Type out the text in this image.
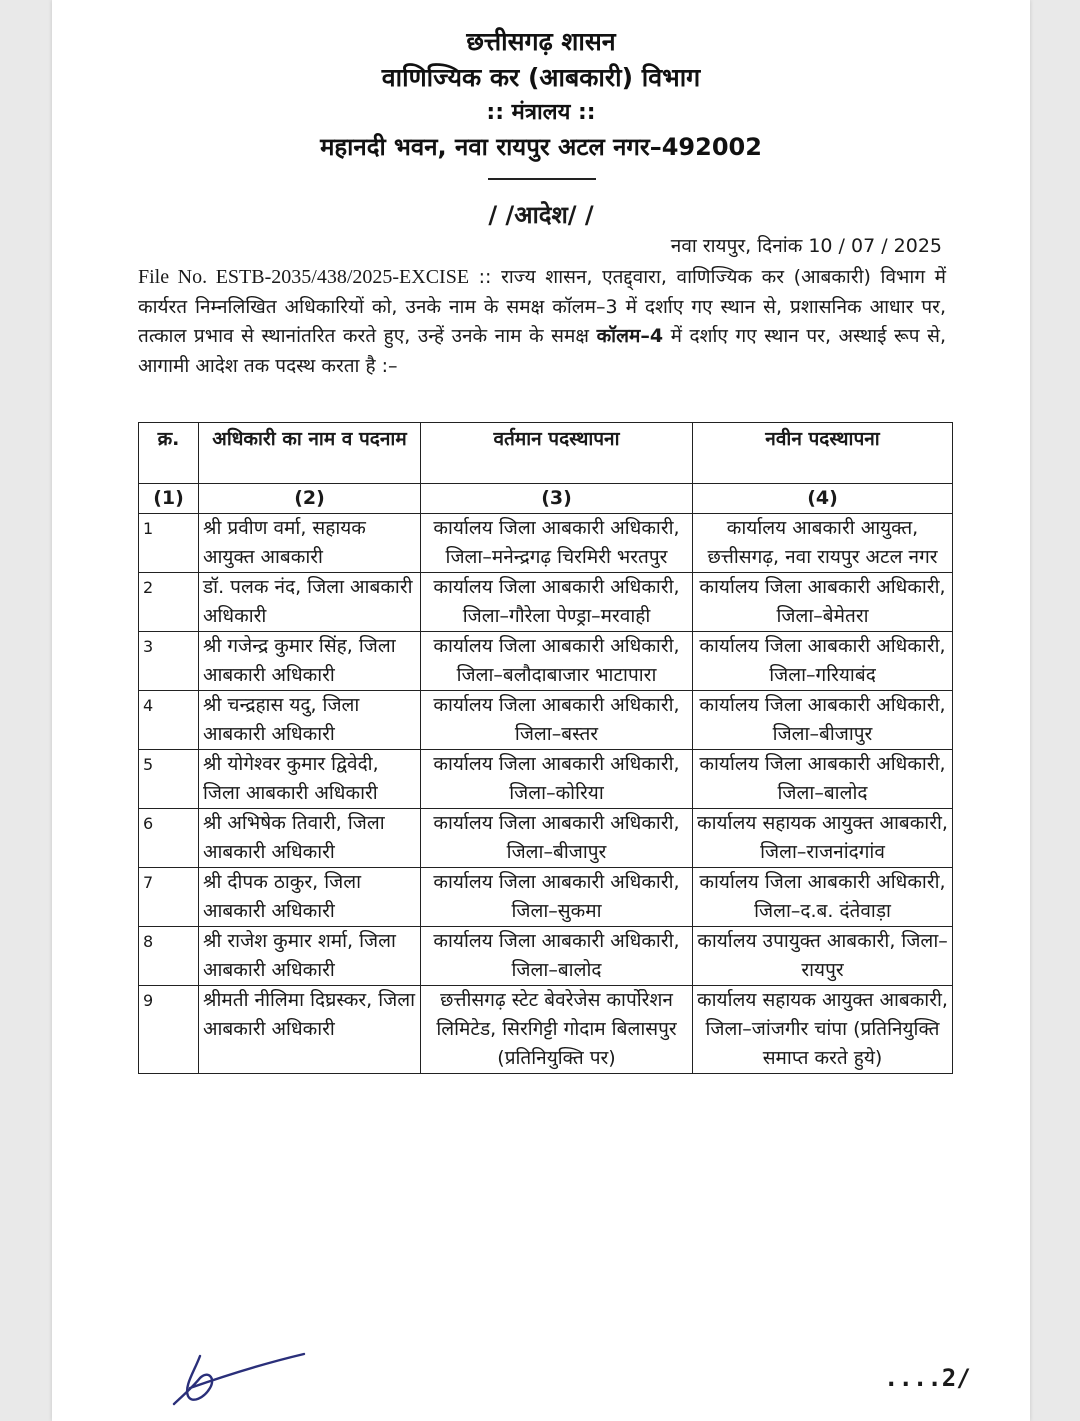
छत्तीसगढ़ शासन
वाणिज्यिक कर (आबकारी) विभाग
:: मंत्रालय ::
महानदी भवन, नवा रायपुर अटल नगर–492002
/ /आदेश/ /
नवा रायपुर, दिनांक 10 / 07 / 2025
File No. ESTB-2035/438/2025-EXCISE :: राज्य शासन, एतद्द्वारा, वाणिज्यिक कर (आबकारी) विभाग में कार्यरत निम्नलिखित अधिकारियों को, उनके नाम के समक्ष कॉलम–3 में दर्शाए गए स्थान से, प्रशासनिक आधार पर, तत्काल प्रभाव से स्थानांतरित करते हुए, उन्हें उनके नाम के समक्ष कॉलम–4 में दर्शाए गए स्थान पर, अस्थाई रूप से, आगामी आदेश तक पदस्थ करता है :–
क्र.	अधिकारी का नाम व पदनाम	वर्तमान पदस्थापना	नवीन पदस्थापना
(1)	(2)	(3)	(4)
1	श्री प्रवीण वर्मा, सहायक आयुक्त आबकारी	कार्यालय जिला आबकारी अधिकारी, जिला–मनेन्द्रगढ़ चिरमिरी भरतपुर	कार्यालय आबकारी आयुक्त, छत्तीसगढ़, नवा रायपुर अटल नगर
2	डॉ. पलक नंद, जिला आबकारी अधिकारी	कार्यालय जिला आबकारी अधिकारी, जिला–गौरेला पेण्ड्रा–मरवाही	कार्यालय जिला आबकारी अधिकारी, जिला–बेमेतरा
3	श्री गजेन्द्र कुमार सिंह, जिला आबकारी अधिकारी	कार्यालय जिला आबकारी अधिकारी, जिला–बलौदाबाजार भाटापारा	कार्यालय जिला आबकारी अधिकारी, जिला–गरियाबंद
4	श्री चन्द्रहास यदु, जिला आबकारी अधिकारी	कार्यालय जिला आबकारी अधिकारी, जिला–बस्तर	कार्यालय जिला आबकारी अधिकारी, जिला–बीजापुर
5	श्री योगेश्वर कुमार द्विवेदी, जिला आबकारी अधिकारी	कार्यालय जिला आबकारी अधिकारी, जिला–कोरिया	कार्यालय जिला आबकारी अधिकारी, जिला–बालोद
6	श्री अभिषेक तिवारी, जिला आबकारी अधिकारी	कार्यालय जिला आबकारी अधिकारी, जिला–बीजापुर	कार्यालय सहायक आयुक्त आबकारी, जिला–राजनांदगांव
7	श्री दीपक ठाकुर, जिला आबकारी अधिकारी	कार्यालय जिला आबकारी अधिकारी, जिला–सुकमा	कार्यालय जिला आबकारी अधिकारी, जिला–द.ब. दंतेवाड़ा
8	श्री राजेश कुमार शर्मा, जिला आबकारी अधिकारी	कार्यालय जिला आबकारी अधिकारी, जिला–बालोद	कार्यालय उपायुक्त आबकारी, जिला–रायपुर
9	श्रीमती नीलिमा दिघ्रस्कर, जिला आबकारी अधिकारी	छत्तीसगढ़ स्टेट बेवरेजेस कार्पोरेशन लिमिटेड, सिरगिट्टी गोदाम बिलासपुर (प्रतिनियुक्ति पर)	कार्यालय सहायक आयुक्त आबकारी, जिला–जांजगीर चांपा (प्रतिनियुक्ति समाप्त करते हुये)
....2/
